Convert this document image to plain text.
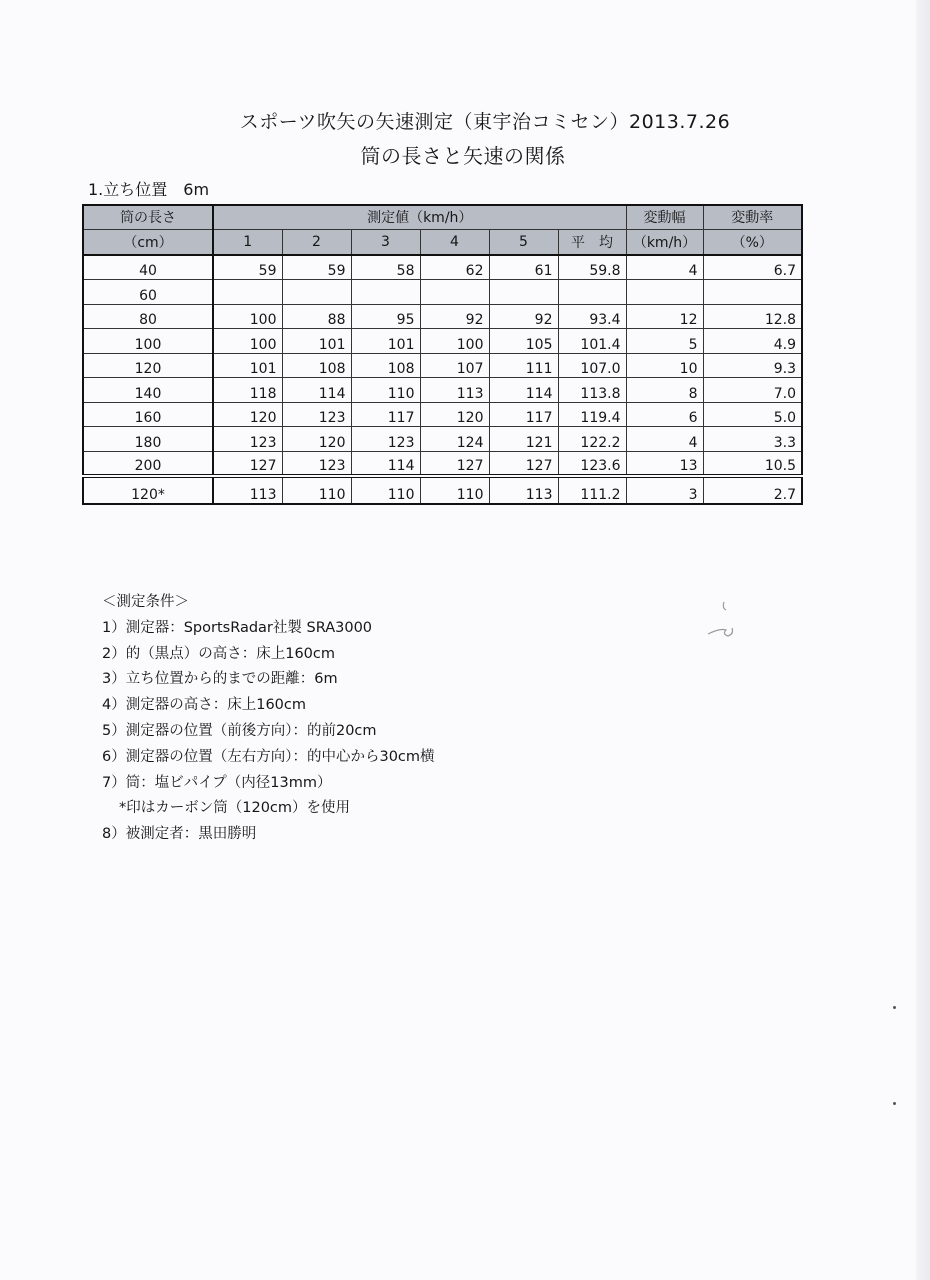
スポーツ吹矢の矢速測定（東宇治コミセン）2013.7.26
筒の長さと矢速の関係
1.立ち位置　6m
筒の長さ	測定値（km/h）						変動幅	変動率
（cm）	1	2	3	4	5	平　均	（km/h）	（%）
40	59	59	58	62	61	59.8	4	6.7
60								
80	100	88	95	92	92	93.4	12	12.8
100	100	101	101	100	105	101.4	5	4.9
120	101	108	108	107	111	107.0	10	9.3
140	118	114	110	113	114	113.8	8	7.0
160	120	123	117	120	117	119.4	6	5.0
180	123	120	123	124	121	122.2	4	3.3
200	127	123	114	127	127	123.6	13	10.5
120*	113	110	110	110	113	111.2	3	2.7
＜測定条件＞
1）測定器：SportsRadar社製 SRA3000
2）的（黒点）の高さ：床上160cm
3）立ち位置から的までの距離：6m
4）測定器の高さ：床上160cm
5）測定器の位置（前後方向）：的前20cm
6）測定器の位置（左右方向）：的中心から30cm横
7）筒：塩ビパイプ（内径13mm）
*印はカーボン筒（120cm）を使用
8）被測定者：黒田勝明
